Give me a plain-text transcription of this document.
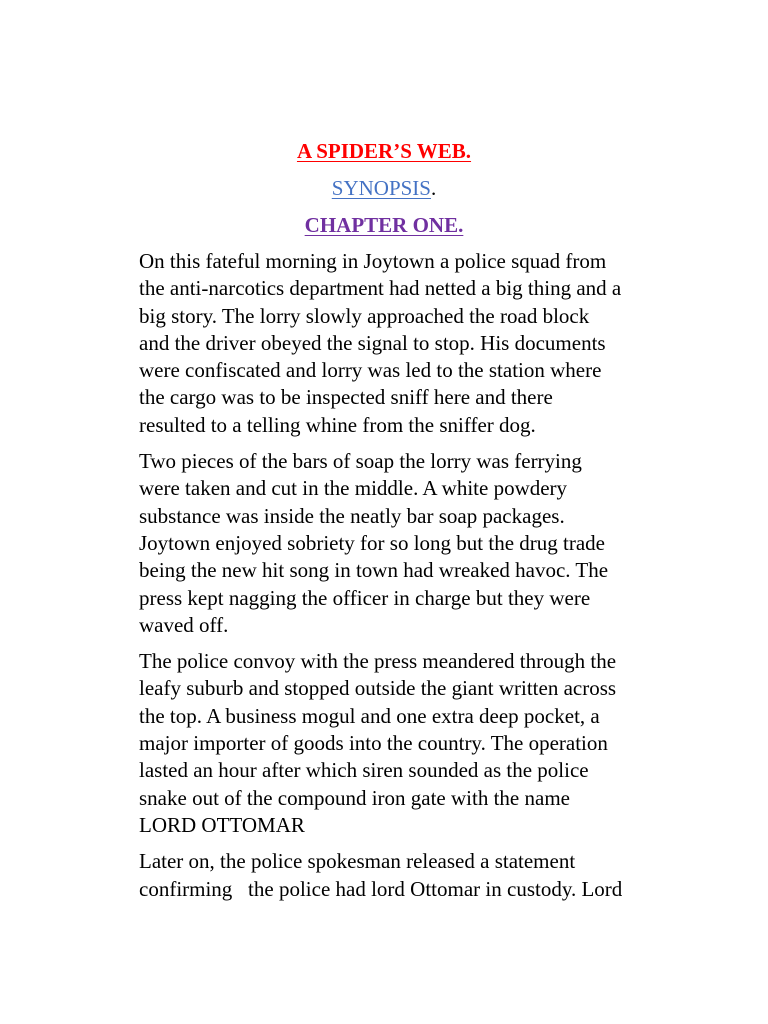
A SPIDER’S WEB.
SYNOPSIS.
CHAPTER ONE.

On this fateful morning in Joytown a police squad from
the anti-narcotics department had netted a big thing and a
big story. The lorry slowly approached the road block
and the driver obeyed the signal to stop. His documents
were confiscated and lorry was led to the station where
the cargo was to be inspected sniff here and there
resulted to a telling whine from the sniffer dog.

Two pieces of the bars of soap the lorry was ferrying
were taken and cut in the middle. A white powdery
substance was inside the neatly bar soap packages.
Joytown enjoyed sobriety for so long but the drug trade
being the new hit song in town had wreaked havoc. The
press kept nagging the officer in charge but they were
waved off.

The police convoy with the press meandered through the
leafy suburb and stopped outside the giant written across
the top. A business mogul and one extra deep pocket, a
major importer of goods into the country. The operation
lasted an hour after which siren sounded as the police
snake out of the compound iron gate with the name
LORD OTTOMAR

Later on, the police spokesman released a statement
confirming   the police had lord Ottomar in custody. Lord
